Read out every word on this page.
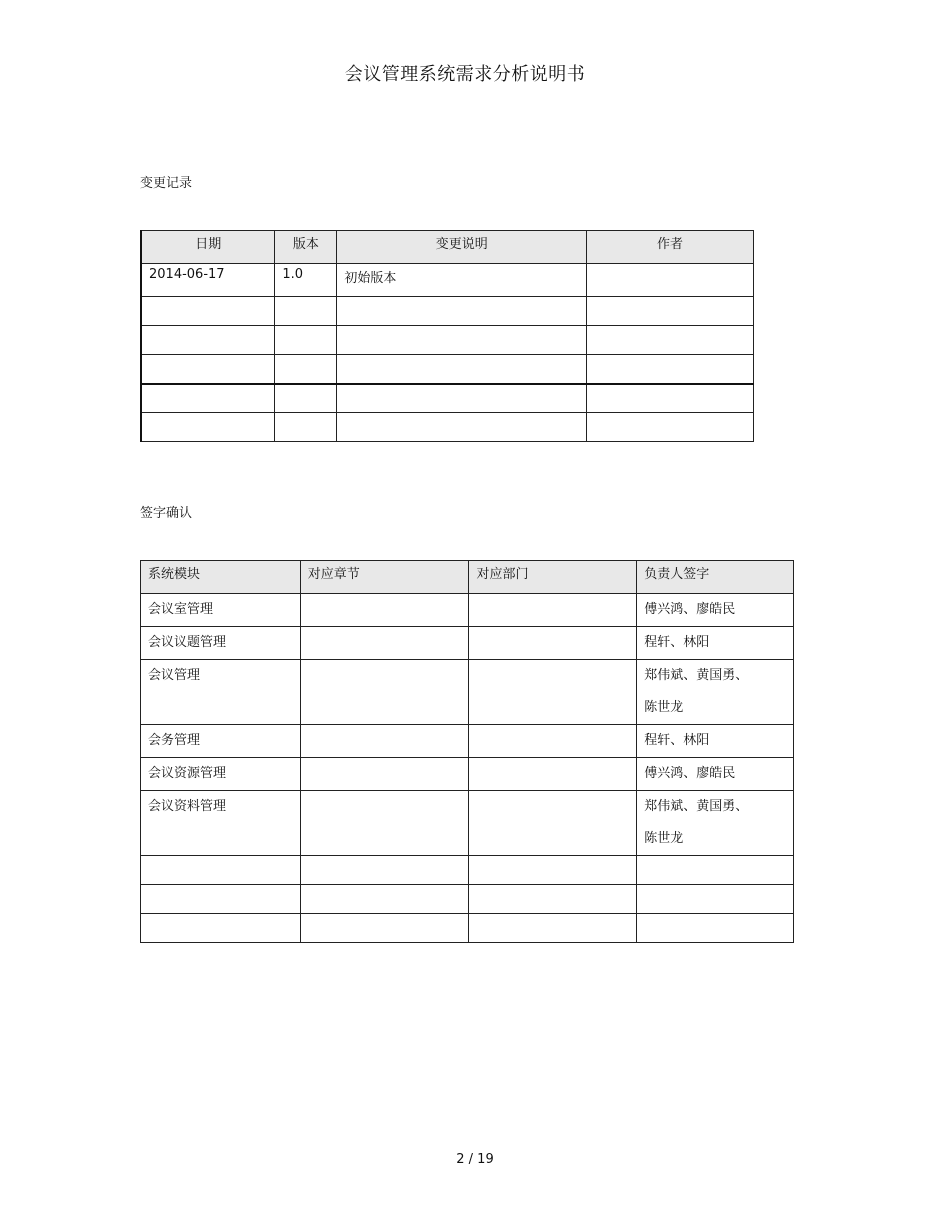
会议管理系统需求分析说明书
变更记录
日期	版本	变更说明	作者
2014-06-17	1.0	初始版本	

签字确认
系统模块	对应章节	对应部门	负责人签字

会议室管理			傅兴鸿、廖皓民

会议议题管理			程轩、林阳

会议管理			郑伟斌、黄国勇、
陈世龙

会务管理			程轩、林阳

会议资源管理			傅兴鸿、廖皓民

会议资料管理			郑伟斌、黄国勇、
陈世龙

2 / 19
